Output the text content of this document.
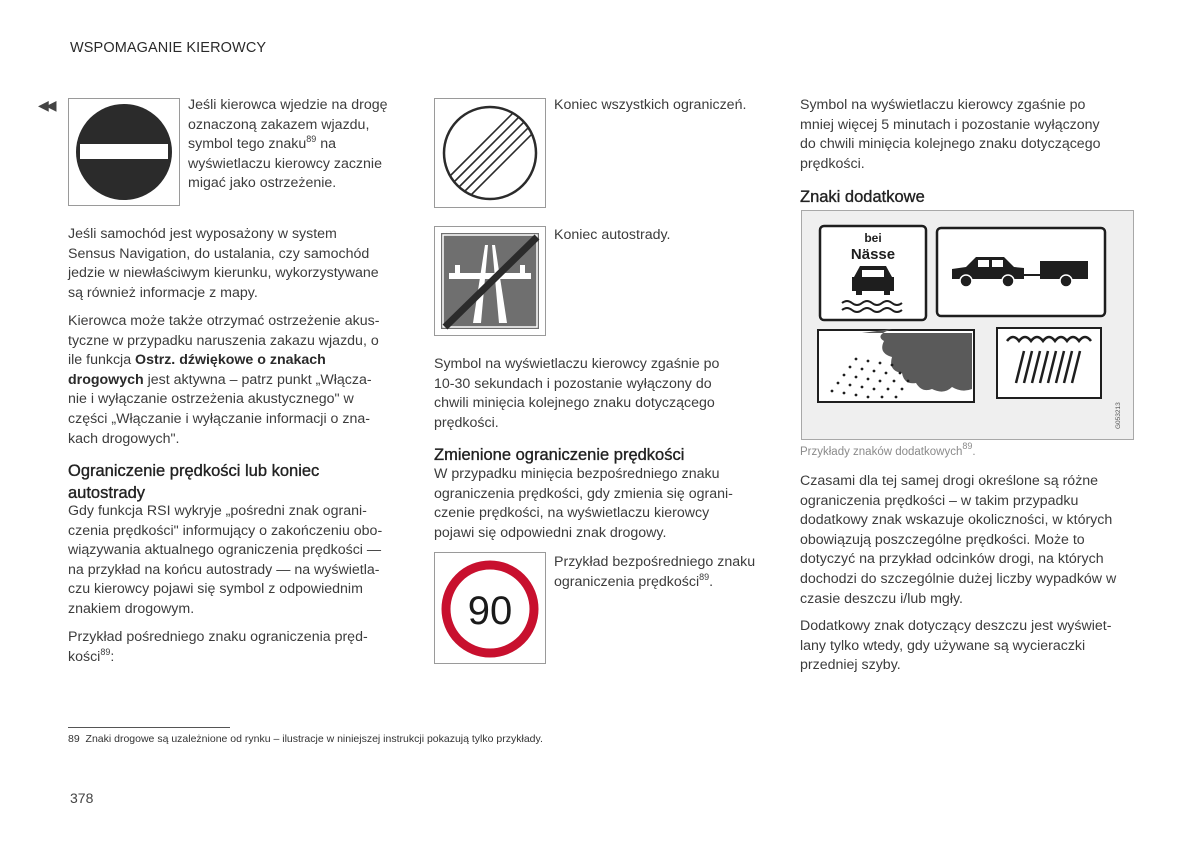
WSPOMAGANIE KIEROWCY
◀◀	Jeśli kierowca wjedzie na drogę
oznaczoną zakazem wjazdu,
symbol tego znaku$^{89}$ na
wyświetlaczu kierowcy zacznie
migać jako ostrzeżenie.
Jeśli samochód jest wyposażony w system
Sensus Navigation, do ustalania, czy samochód
jedzie w niewłaściwym kierunku, wykorzystywane
są również informacje z mapy.
Kierowca może także otrzymać ostrzeżenie akus-
tyczne w przypadku naruszenia zakazu wjazdu, o
ile funkcja Ostrz. dźwiękowe o znakach
drogowych jest aktywna – patrz punkt „Włącza-
nie i wyłączanie ostrzeżenia akustycznego" w
części „Włączanie i wyłączanie informacji o zna-
kach drogowych".
Ograniczenie prędkości lub koniec
autostrady
Gdy funkcja RSI wykryje „pośredni znak ograni-
czenia prędkości" informujący o zakończeniu obo-
wiązywania aktualnego ograniczenia prędkości —
na przykład na końcu autostrady — na wyświetla-
czu kierowcy pojawi się symbol z odpowiednim
znakiem drogowym.
Przykład pośredniego znaku ograniczenia pręd-
kości$^{89}$:
Koniec wszystkich ograniczeń.
Koniec autostrady.
Symbol na wyświetlaczu kierowcy zgaśnie po
10-30 sekundach i pozostanie wyłączony do
chwili minięcia kolejnego znaku dotyczącego
prędkości.
Zmienione ograniczenie prędkości
W przypadku minięcia bezpośredniego znaku
ograniczenia prędkości, gdy zmienia się ograni-
czenie prędkości, na wyświetlaczu kierowcy
pojawi się odpowiedni znak drogowy.
90
Przykład bezpośredniego znaku
ograniczenia prędkości$^{89}$.
Symbol na wyświetlaczu kierowcy zgaśnie po
mniej więcej 5 minutach i pozostanie wyłączony
do chwili minięcia kolejnego znaku dotyczącego
prędkości.
Znaki dodatkowe
bei
Nässe
G053213
Przykłady znaków dodatkowych$^{89}$.
Czasami dla tej samej drogi określone są różne
ograniczenia prędkości – w takim przypadku
dodatkowy znak wskazuje okoliczności, w których
obowiązują poszczególne prędkości. Może to
dotyczyć na przykład odcinków drogi, na których
dochodzi do szczególnie dużej liczby wypadków w
czasie deszczu i/lub mgły.
Dodatkowy znak dotyczący deszczu jest wyświet-
lany tylko wtedy, gdy używane są wycieraczki
przedniej szyby.
89 Znaki drogowe są uzależnione od rynku – ilustracje w niniejszej instrukcji pokazują tylko przykłady.
378
